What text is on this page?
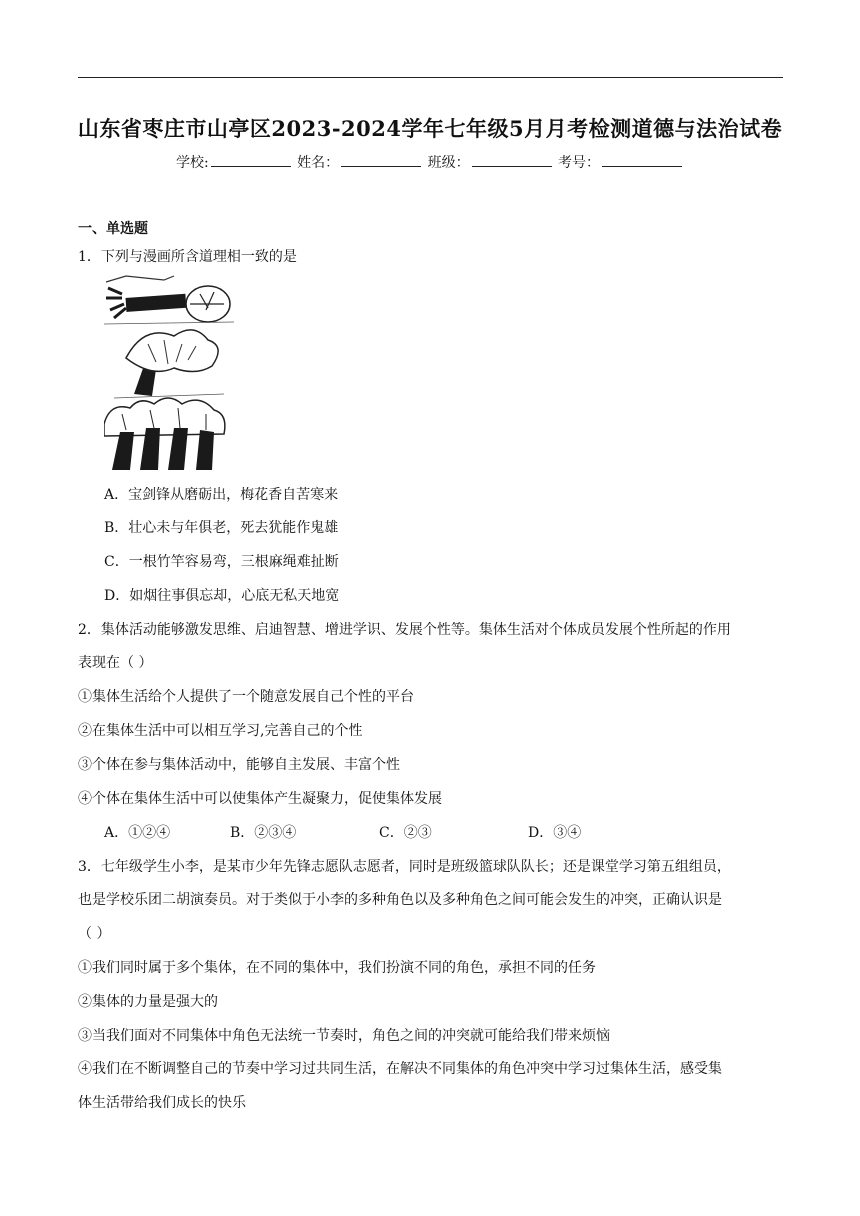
山东省枣庄市山亭区2023-2024学年七年级5月月考检测道德与法治试卷
学校:	姓名：	班级：	考号：
一、单选题
1．下列与漫画所含道理相一致的是
A．宝剑锋从磨砺出，梅花香自苦寒来
B．壮心未与年俱老，死去犹能作鬼雄
C．一根竹竿容易弯，三根麻绳难扯断
D．如烟往事俱忘却，心底无私天地宽
2．集体活动能够激发思维、启迪智慧、增进学识、发展个性等。集体生活对个体成员发展个性所起的作用
表现在（ ）
①集体生活给个人提供了一个随意发展自己个性的平台
②在集体生活中可以相互学习,完善自己的个性
③个体在参与集体活动中，能够自主发展、丰富个性
④个体在集体生活中可以使集体产生凝聚力，促使集体发展
A．①②④	B．②③④	C．②③	D．③④
3．七年级学生小李，是某市少年先锋志愿队志愿者，同时是班级篮球队队长；还是课堂学习第五组组员，
也是学校乐团二胡演奏员。对于类似于小李的多种角色以及多种角色之间可能会发生的冲突，正确认识是
（ ）
①我们同时属于多个集体，在不同的集体中，我们扮演不同的角色，承担不同的任务
②集体的力量是强大的
③当我们面对不同集体中角色无法统一节奏时，角色之间的冲突就可能给我们带来烦恼
④我们在不断调整自己的节奏中学习过共同生活，在解决不同集体的角色冲突中学习过集体生活，感受集
体生活带给我们成长的快乐
